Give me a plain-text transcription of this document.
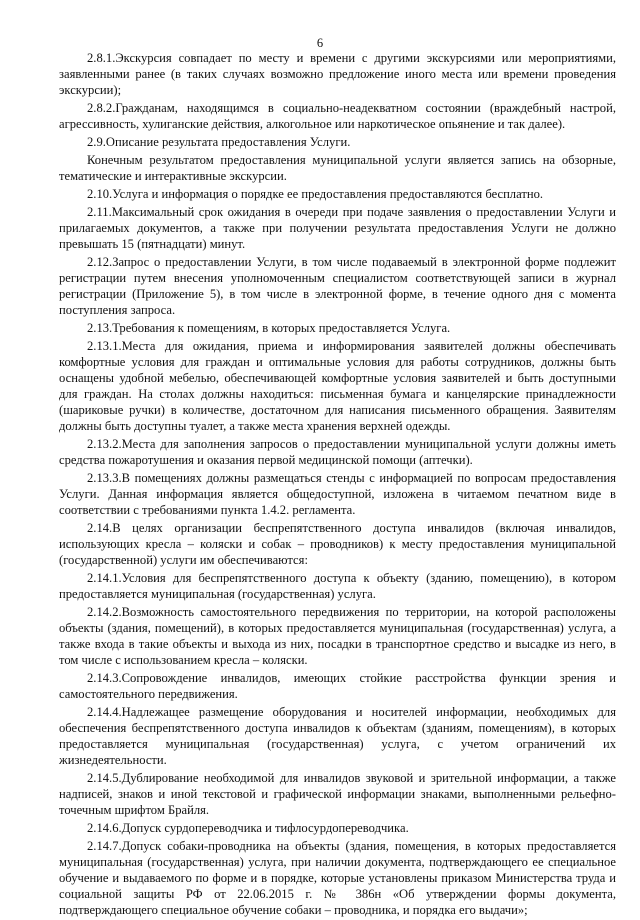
6

2.8.1.Экскурсия совпадает по месту и времени с другими экскурсиями или мероприятиями, заявленными ранее (в таких случаях возможно предложение иного места или времени проведения экскурсии);

2.8.2.Гражданам, находящимся в социально-неадекватном состоянии (враждебный настрой, агрессивность, хулиганские действия, алкогольное или наркотическое опьянение и так далее).

2.9.Описание результата предоставления Услуги.

Конечным результатом предоставления муниципальной услуги является запись на обзорные, тематические и интерактивные экскурсии.

2.10.Услуга и информация о порядке ее предоставления предоставляются бесплатно.

2.11.Максимальный срок ожидания в очереди при подаче заявления о предоставлении Услуги и прилагаемых документов, а также при получении результата предоставления Услуги не должно превышать 15 (пятнадцати) минут.

2.12.Запрос о предоставлении Услуги, в том числе подаваемый в электронной форме подлежит регистрации путем внесения уполномоченным специалистом соответствующей записи в журнал регистрации (Приложение 5), в том числе в электронной форме, в течение одного дня с момента поступления запроса.

2.13.Требования к помещениям, в которых предоставляется Услуга.

2.13.1.Места для ожидания, приема и информирования заявителей должны обеспечивать комфортные условия для граждан и оптимальные условия для работы сотрудников, должны быть оснащены удобной мебелью, обеспечивающей комфортные условия заявителей и быть доступными для граждан. На столах должны находиться: письменная бумага и канцелярские принадлежности (шариковые ручки) в количестве, достаточном для написания письменного обращения. Заявителям должны быть доступны туалет, а также места хранения верхней одежды.

2.13.2.Места для заполнения запросов о предоставлении муниципальной услуги должны иметь средства пожаротушения и оказания первой медицинской помощи (аптечки).

2.13.3.В помещениях должны размещаться стенды с информацией по вопросам предоставления Услуги. Данная информация является общедоступной, изложена в читаемом печатном виде в соответствии с требованиями пункта 1.4.2. регламента.

2.14.В целях организации беспрепятственного доступа инвалидов (включая инвалидов, использующих кресла – коляски и собак – проводников) к месту предоставления муниципальной (государственной) услуги им обеспечиваются:

2.14.1.Условия для беспрепятственного доступа к объекту (зданию, помещению), в котором предоставляется муниципальная (государственная) услуга.

2.14.2.Возможность самостоятельного передвижения по территории, на которой расположены объекты (здания, помещений), в которых предоставляется муниципальная (государственная) услуга, а также входа в такие объекты и выхода из них, посадки в транспортное средство и высадке из него, в том числе с использованием кресла – коляски.

2.14.3.Сопровождение инвалидов, имеющих стойкие расстройства функции зрения и самостоятельного передвижения.

2.14.4.Надлежащее размещение оборудования и носителей информации, необходимых для обеспечения беспрепятственного доступа инвалидов к объектам (зданиям, помещениям), в которых предоставляется муниципальная (государственная) услуга, с учетом ограничений их жизнедеятельности.

2.14.5.Дублирование необходимой для инвалидов звуковой и зрительной информации, а также надписей, знаков и иной текстовой и графической информации знаками, выполненными рельефно-точечным шрифтом Брайля.

2.14.6.Допуск сурдопереводчика и тифлосурдопереводчика.

2.14.7.Допуск собаки-проводника на объекты (здания, помещения, в которых предоставляется муниципальная (государственная) услуга, при наличии документа, подтверждающего ее специальное обучение и выдаваемого по форме и в порядке, которые установлены приказом Министерства труда и социальной защиты РФ от 22.06.2015 г. № 386н «Об утверждении формы документа, подтверждающего специальное обучение собаки – проводника, и порядка его выдачи»;
